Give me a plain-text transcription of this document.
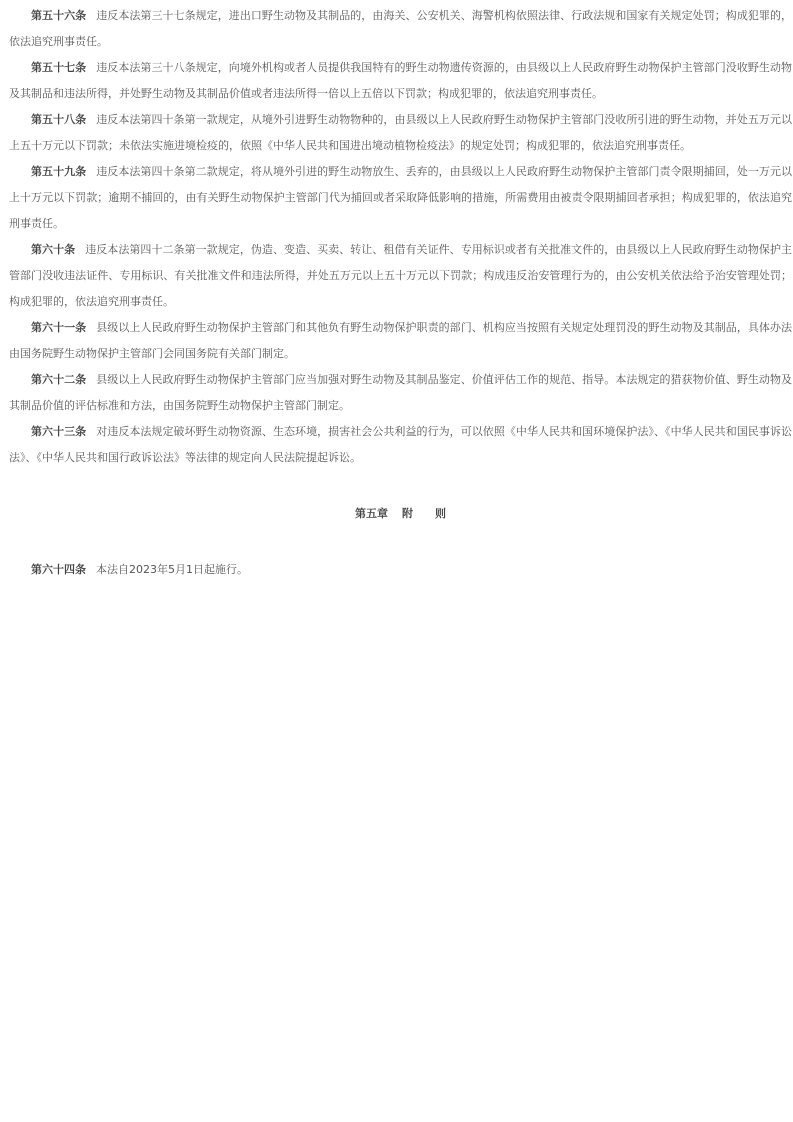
第五十六条 违反本法第三十七条规定，进出口野生动物及其制品的，由海关、公安机关、海警机构依照法律、行政法规和国家有关规定处罚；构成犯罪的，依法追究刑事责任。

第五十七条 违反本法第三十八条规定，向境外机构或者人员提供我国特有的野生动物遗传资源的，由县级以上人民政府野生动物保护主管部门没收野生动物及其制品和违法所得，并处野生动物及其制品价值或者违法所得一倍以上五倍以下罚款；构成犯罪的，依法追究刑事责任。

第五十八条 违反本法第四十条第一款规定，从境外引进野生动物物种的，由县级以上人民政府野生动物保护主管部门没收所引进的野生动物，并处五万元以上五十万元以下罚款；未依法实施进境检疫的，依照《中华人民共和国进出境动植物检疫法》的规定处罚；构成犯罪的，依法追究刑事责任。

第五十九条 违反本法第四十条第二款规定，将从境外引进的野生动物放生、丢弃的，由县级以上人民政府野生动物保护主管部门责令限期捕回，处一万元以上十万元以下罚款；逾期不捕回的，由有关野生动物保护主管部门代为捕回或者采取降低影响的措施，所需费用由被责令限期捕回者承担；构成犯罪的，依法追究刑事责任。

第六十条 违反本法第四十二条第一款规定，伪造、变造、买卖、转让、租借有关证件、专用标识或者有关批准文件的，由县级以上人民政府野生动物保护主管部门没收违法证件、专用标识、有关批准文件和违法所得，并处五万元以上五十万元以下罚款；构成违反治安管理行为的，由公安机关依法给予治安管理处罚；构成犯罪的，依法追究刑事责任。

第六十一条 县级以上人民政府野生动物保护主管部门和其他负有野生动物保护职责的部门、机构应当按照有关规定处理罚没的野生动物及其制品，具体办法由国务院野生动物保护主管部门会同国务院有关部门制定。

第六十二条 县级以上人民政府野生动物保护主管部门应当加强对野生动物及其制品鉴定、价值评估工作的规范、指导。本法规定的猎获物价值、野生动物及其制品价值的评估标准和方法，由国务院野生动物保护主管部门制定。

第六十三条 对违反本法规定破坏野生动物资源、生态环境，损害社会公共利益的行为，可以依照《中华人民共和国环境保护法》、《中华人民共和国民事诉讼法》、《中华人民共和国行政诉讼法》等法律的规定向人民法院提起诉讼。

第五章 附 则

第六十四条 本法自2023年5月1日起施行。
